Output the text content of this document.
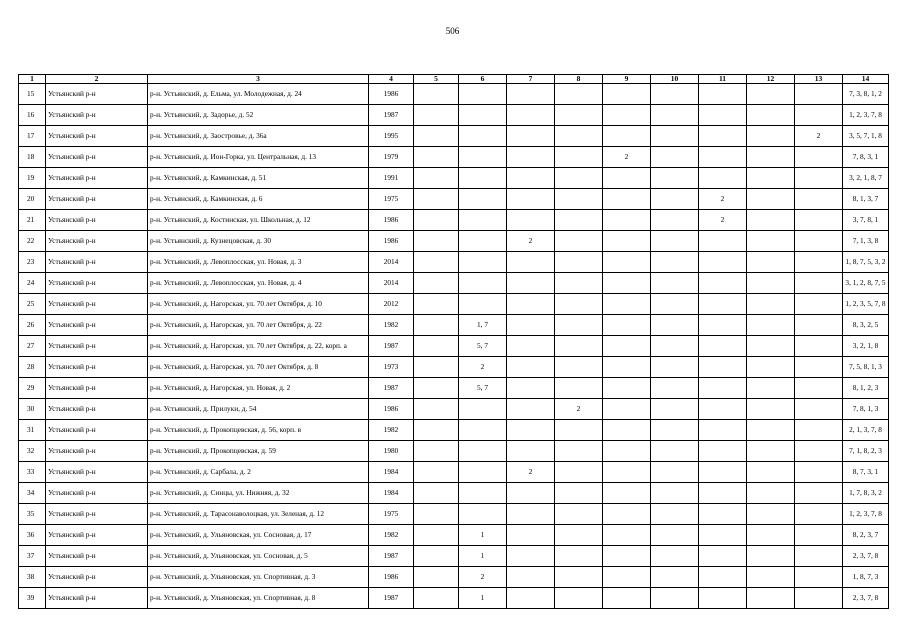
506
1	2	3	4	5	6	7	8	9	10	11	12	13	14
15	Устьянский р-н	р-н. Устьянский, д. Ельма, ул. Молодежная, д. 24	1986										7, 3, 8, 1, 2
16	Устьянский р-н	р-н. Устьянский, д. Задорье, д. 52	1987										1, 2, 3, 7, 8
17	Устьянский р-н	р-н. Устьянский, д. Заостровье, д. 36а	1995									2	3, 5, 7, 1, 8
18	Устьянский р-н	р-н. Устьянский, д. Ион-Горка, ул. Центральная, д. 13	1979					2					7, 8, 3, 1
19	Устьянский р-н	р-н. Устьянский, д. Камкинская, д. 51	1991										3, 2, 1, 8, 7
20	Устьянский р-н	р-н. Устьянский, д. Камкинская, д. 6	1975							2			8, 1, 3, 7
21	Устьянский р-н	р-н. Устьянский, д. Костинская, ул. Школьная, д. 12	1986							2			3, 7, 8, 1
22	Устьянский р-н	р-н. Устьянский, д. Кузнецовская, д. 30	1986			2							7, 1, 3, 8
23	Устьянский р-н	р-н. Устьянский, д. Левоплосская, ул. Новая, д. 3	2014										1, 8, 7, 5, 3, 2
24	Устьянский р-н	р-н. Устьянский, д. Левоплосская, ул. Новая, д. 4	2014										3, 1, 2, 8, 7, 5
25	Устьянский р-н	р-н. Устьянский, д. Нагорская, ул. 70 лет Октября, д. 10	2012										1, 2, 3, 5, 7, 8
26	Устьянский р-н	р-н. Устьянский, д. Нагорская, ул. 70 лет Октября, д. 22	1982		1, 7								8, 3, 2, 5
27	Устьянский р-н	р-н. Устьянский, д. Нагорская, ул. 70 лет Октября, д. 22, корп. а	1987		5, 7								3, 2, 1, 8
28	Устьянский р-н	р-н. Устьянский, д. Нагорская, ул. 70 лет Октября, д. 8	1973		2								7, 5, 8, 1, 3
29	Устьянский р-н	р-н. Устьянский, д. Нагорская, ул. Новая, д. 2	1987		5, 7								8, 1, 2, 3
30	Устьянский р-н	р-н. Устьянский, д. Прилуки, д. 54	1986				2						7, 8, 1, 3
31	Устьянский р-н	р-н. Устьянский, д. Прокопцевская, д. 56, корп. в	1982										2, 1, 3, 7, 8
32	Устьянский р-н	р-н. Устьянский, д. Прокопцевская, д. 59	1980										7, 1, 8, 2, 3
33	Устьянский р-н	р-н. Устьянский, д. Сарбала, д. 2	1984			2							8, 7, 3, 1
34	Устьянский р-н	р-н. Устьянский, д. Синцы, ул. Нижняя, д. 32	1984										1, 7, 8, 3, 2
35	Устьянский р-н	р-н. Устьянский, д. Тарасонаволоцкая, ул. Зеленая, д. 12	1975										1, 2, 3, 7, 8
36	Устьянский р-н	р-н. Устьянский, д. Ульяновская, ул. Сосновая, д. 17	1982		1								8, 2, 3, 7
37	Устьянский р-н	р-н. Устьянский, д. Ульяновская, ул. Сосновая, д. 5	1987		1								2, 3, 7, 8
38	Устьянский р-н	р-н. Устьянский, д. Ульяновская, ул. Спортивная, д. 3	1986		2								1, 8, 7, 3
39	Устьянский р-н	р-н. Устьянский, д. Ульяновская, ул. Спортивная, д. 8	1987		1								2, 3, 7, 8
